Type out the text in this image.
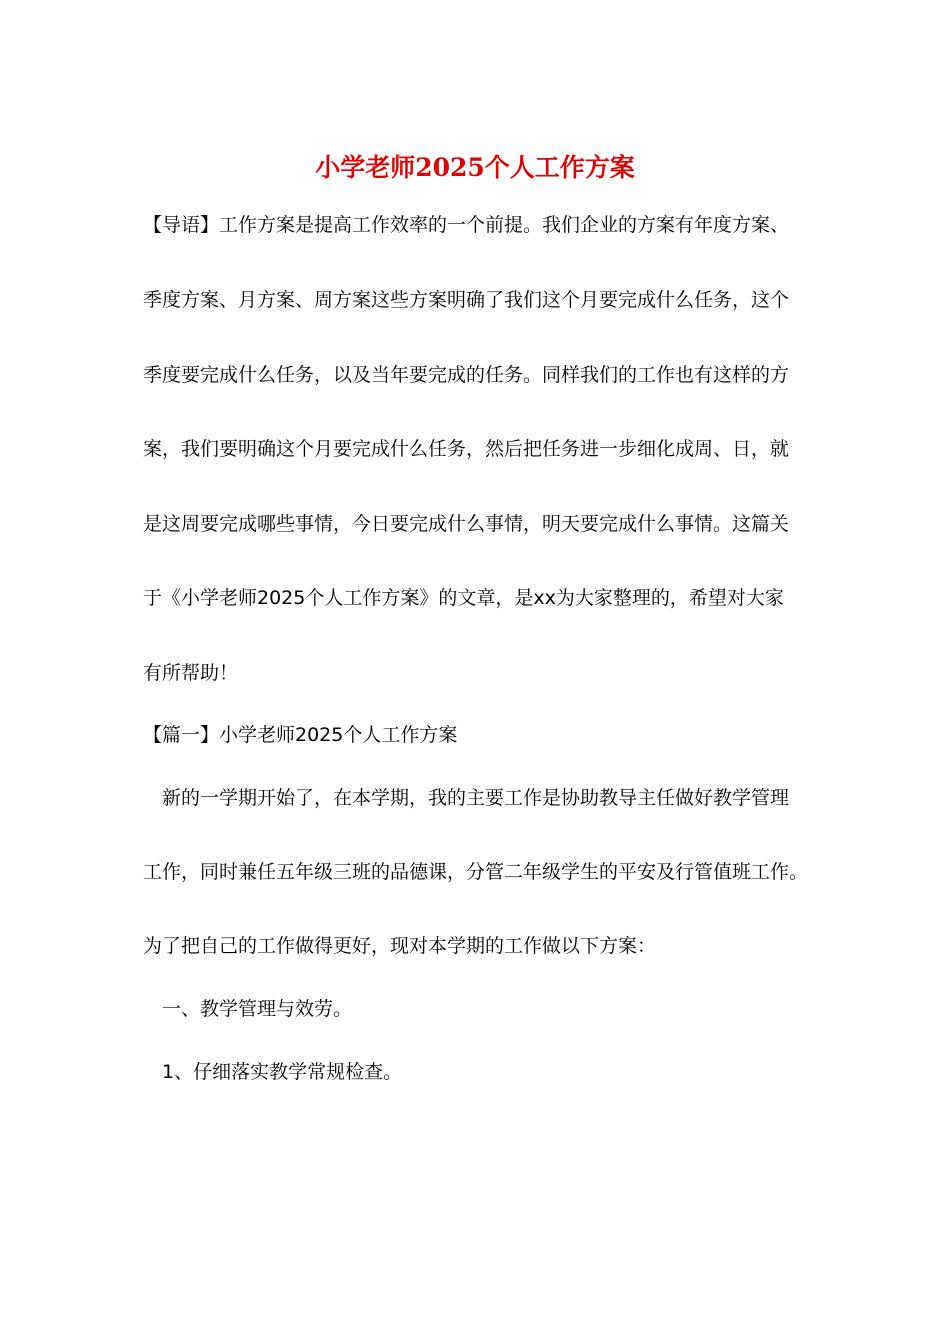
小学老师2025个人工作方案
【导语】工作方案是提高工作效率的一个前提。我们企业的方案有年度方案、
季度方案、月方案、周方案这些方案明确了我们这个月要完成什么任务，这个
季度要完成什么任务，以及当年要完成的任务。同样我们的工作也有这样的方
案，我们要明确这个月要完成什么任务，然后把任务进一步细化成周、日，就
是这周要完成哪些事情，今日要完成什么事情，明天要完成什么事情。这篇关
于《小学老师2025个人工作方案》的文章，是xx为大家整理的，希望对大家
有所帮助！
【篇一】小学老师2025个人工作方案
新的一学期开始了，在本学期，我的主要工作是协助教导主任做好教学管理
工作，同时兼任五年级三班的品德课，分管二年级学生的平安及行管值班工作。
为了把自己的工作做得更好，现对本学期的工作做以下方案：
一、教学管理与效劳。
1、仔细落实教学常规检查。
